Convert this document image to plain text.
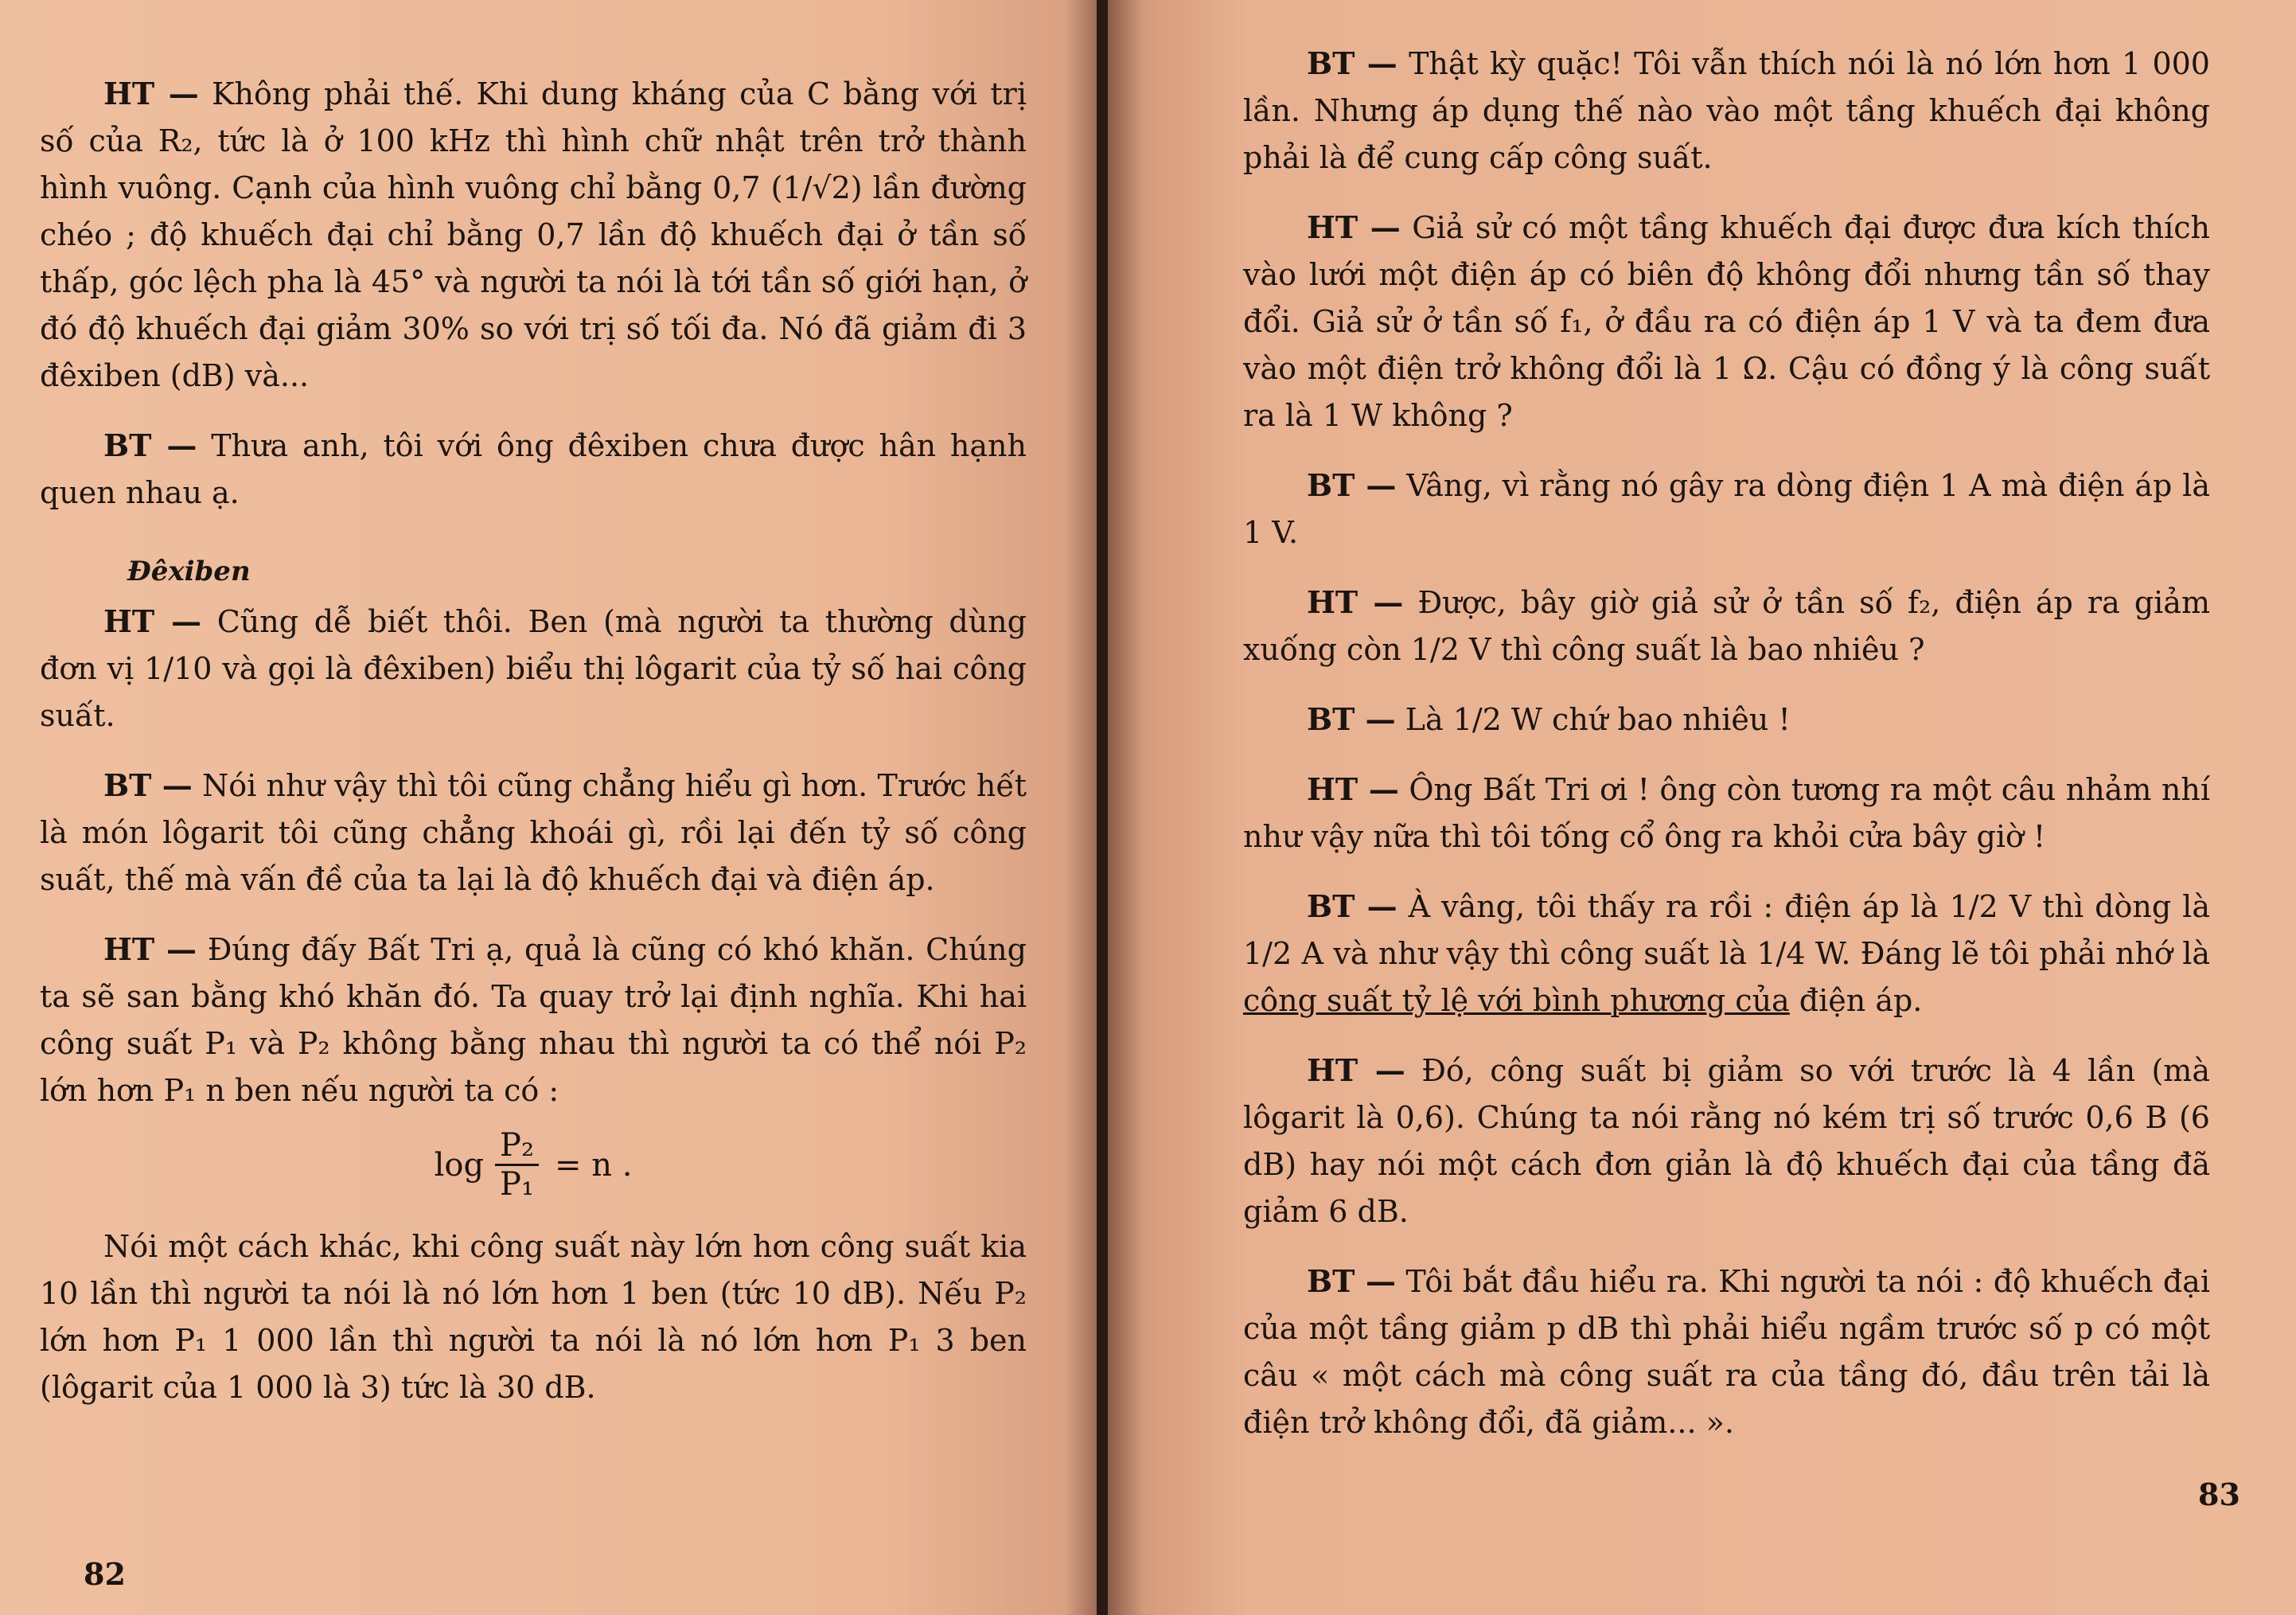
HT — Không phải thế. Khi dung kháng của C bằng với trị số của R₂, tức là ở 100 kHz thì hình chữ nhật trên trở thành hình vuông. Cạnh của hình vuông chỉ bằng 0,7 (1/√2) lần đường chéo ; độ khuếch đại chỉ bằng 0,7 lần độ khuếch đại ở tần số thấp, góc lệch pha là 45° và người ta nói là tới tần số giới hạn, ở đó độ khuếch đại giảm 30% so với trị số tối đa. Nó đã giảm đi 3 đêxiben (dB) và...

BT — Thưa anh, tôi với ông đêxiben chưa được hân hạnh quen nhau ạ.

Đêxiben

HT — Cũng dễ biết thôi. Ben (mà người ta thường dùng đơn vị 1/10 và gọi là đêxiben) biểu thị lôgarit của tỷ số hai công suất.

BT — Nói như vậy thì tôi cũng chẳng hiểu gì hơn. Trước hết là món lôgarit tôi cũng chẳng khoái gì, rồi lại đến tỷ số công suất, thế mà vấn đề của ta lại là độ khuếch đại và điện áp.

HT — Đúng đấy Bất Tri ạ, quả là cũng có khó khăn. Chúng ta sẽ san bằng khó khăn đó. Ta quay trở lại định nghĩa. Khi hai công suất P₁ và P₂ không bằng nhau thì người ta có thể nói P₂ lớn hơn P₁ n ben nếu người ta có :

$\log \frac{\text{P₂}}{\text{P₁}} = n$ .

Nói một cách khác, khi công suất này lớn hơn công suất kia 10 lần thì người ta nói là nó lớn hơn 1 ben (tức 10 dB). Nếu P₂ lớn hơn P₁ 1 000 lần thì người ta nói là nó lớn hơn P₁ 3 ben (lôgarit của 1 000 là 3) tức là 30 dB.

82

BT — Thật kỳ quặc! Tôi vẫn thích nói là nó lớn hơn 1 000 lần. Nhưng áp dụng thế nào vào một tầng khuếch đại không phải là để cung cấp công suất.

HT — Giả sử có một tầng khuếch đại được đưa kích thích vào lưới một điện áp có biên độ không đổi nhưng tần số thay đổi. Giả sử ở tần số f₁, ở đầu ra có điện áp 1 V và ta đem đưa vào một điện trở không đổi là 1 Ω. Cậu có đồng ý là công suất ra là 1 W không ?

BT — Vâng, vì rằng nó gây ra dòng điện 1 A mà điện áp là 1 V.

HT — Được, bây giờ giả sử ở tần số f₂, điện áp ra giảm xuống còn 1/2 V thì công suất là bao nhiêu ?

BT — Là 1/2 W chứ bao nhiêu !

HT — Ông Bất Tri ơi ! ông còn tương ra một câu nhảm nhí như vậy nữa thì tôi tống cổ ông ra khỏi cửa bây giờ !

BT — À vâng, tôi thấy ra rồi : điện áp là 1/2 V thì dòng là 1/2 A và như vậy thì công suất là 1/4 W. Đáng lẽ tôi phải nhớ là công suất tỷ lệ với bình phương của điện áp.

HT — Đó, công suất bị giảm so với trước là 4 lần (mà lôgarit là 0,6). Chúng ta nói rằng nó kém trị số trước 0,6 B (6 dB) hay nói một cách đơn giản là độ khuếch đại của tầng đã giảm 6 dB.

BT — Tôi bắt đầu hiểu ra. Khi người ta nói : độ khuếch đại của một tầng giảm p dB thì phải hiểu ngầm trước số p có một câu « một cách mà công suất ra của tầng đó, đầu trên tải là điện trở không đổi, đã giảm... ».

83
